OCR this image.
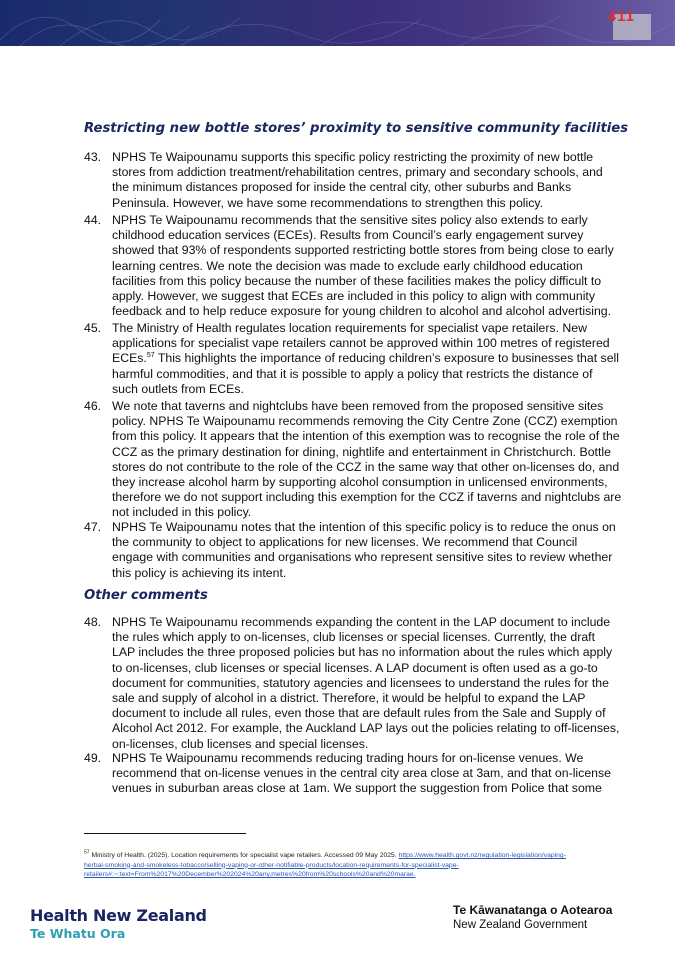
411
Restricting new bottle stores’ proximity to sensitive community facilities
43. NPHS Te Waipounamu supports this specific policy restricting the proximity of new bottle
stores from addiction treatment/rehabilitation centres, primary and secondary schools, and
the minimum distances proposed for inside the central city, other suburbs and Banks
Peninsula. However, we have some recommendations to strengthen this policy.
44. NPHS Te Waipounamu recommends that the sensitive sites policy also extends to early
childhood education services (ECEs). Results from Council’s early engagement survey
showed that 93% of respondents supported restricting bottle stores from being close to early
learning centres. We note the decision was made to exclude early childhood education
facilities from this policy because the number of these facilities makes the policy difficult to
apply. However, we suggest that ECEs are included in this policy to align with community
feedback and to help reduce exposure for young children to alcohol and alcohol advertising.
45. The Ministry of Health regulates location requirements for specialist vape retailers. New
applications for specialist vape retailers cannot be approved within 100 metres of registered
ECEs.$^{57}$ This highlights the importance of reducing children’s exposure to businesses that sell
harmful commodities, and that it is possible to apply a policy that restricts the distance of
such outlets from ECEs.
46. We note that taverns and nightclubs have been removed from the proposed sensitive sites
policy. NPHS Te Waipounamu recommends removing the City Centre Zone (CCZ) exemption
from this policy. It appears that the intention of this exemption was to recognise the role of the
CCZ as the primary destination for dining, nightlife and entertainment in Christchurch. Bottle
stores do not contribute to the role of the CCZ in the same way that other on-licenses do, and
they increase alcohol harm by supporting alcohol consumption in unlicensed environments,
therefore we do not support including this exemption for the CCZ if taverns and nightclubs are
not included in this policy.
47. NPHS Te Waipounamu notes that the intention of this specific policy is to reduce the onus on
the community to object to applications for new licenses. We recommend that Council
engage with communities and organisations who represent sensitive sites to review whether
this policy is achieving its intent.
Other comments
48. NPHS Te Waipounamu recommends expanding the content in the LAP document to include
the rules which apply to on-licenses, club licenses or special licenses. Currently, the draft
LAP includes the three proposed policies but has no information about the rules which apply
to on-licenses, club licenses or special licenses. A LAP document is often used as a go-to
document for communities, statutory agencies and licensees to understand the rules for the
sale and supply of alcohol in a district. Therefore, it would be helpful to expand the LAP
document to include all rules, even those that are default rules from the Sale and Supply of
Alcohol Act 2012. For example, the Auckland LAP lays out the policies relating to off-licenses,
on-licenses, club licenses and special licenses.
49. NPHS Te Waipounamu recommends reducing trading hours for on-license venues. We
recommend that on-license venues in the central city area close at 3am, and that on-license
venues in suburban areas close at 1am. We support the suggestion from Police that some
$^{57}$ Ministry of Health. (2025). Location requirements for specialist vape retailers. Accessed 09 May 2025. https://www.health.govt.nz/regulation-legislation/vaping-
herbal-smoking-and-smokeless-tobacco/selling-vaping-or-other-notifiable-products/location-requirements-for-specialist-vape-
retailers#:~:text=From%2017%20December%202024%20any,metres%20from%20schools%20and%20marae.
Health New Zealand
Te Whatu Ora
Te Kāwanatanga o Aotearoa
New Zealand Government
